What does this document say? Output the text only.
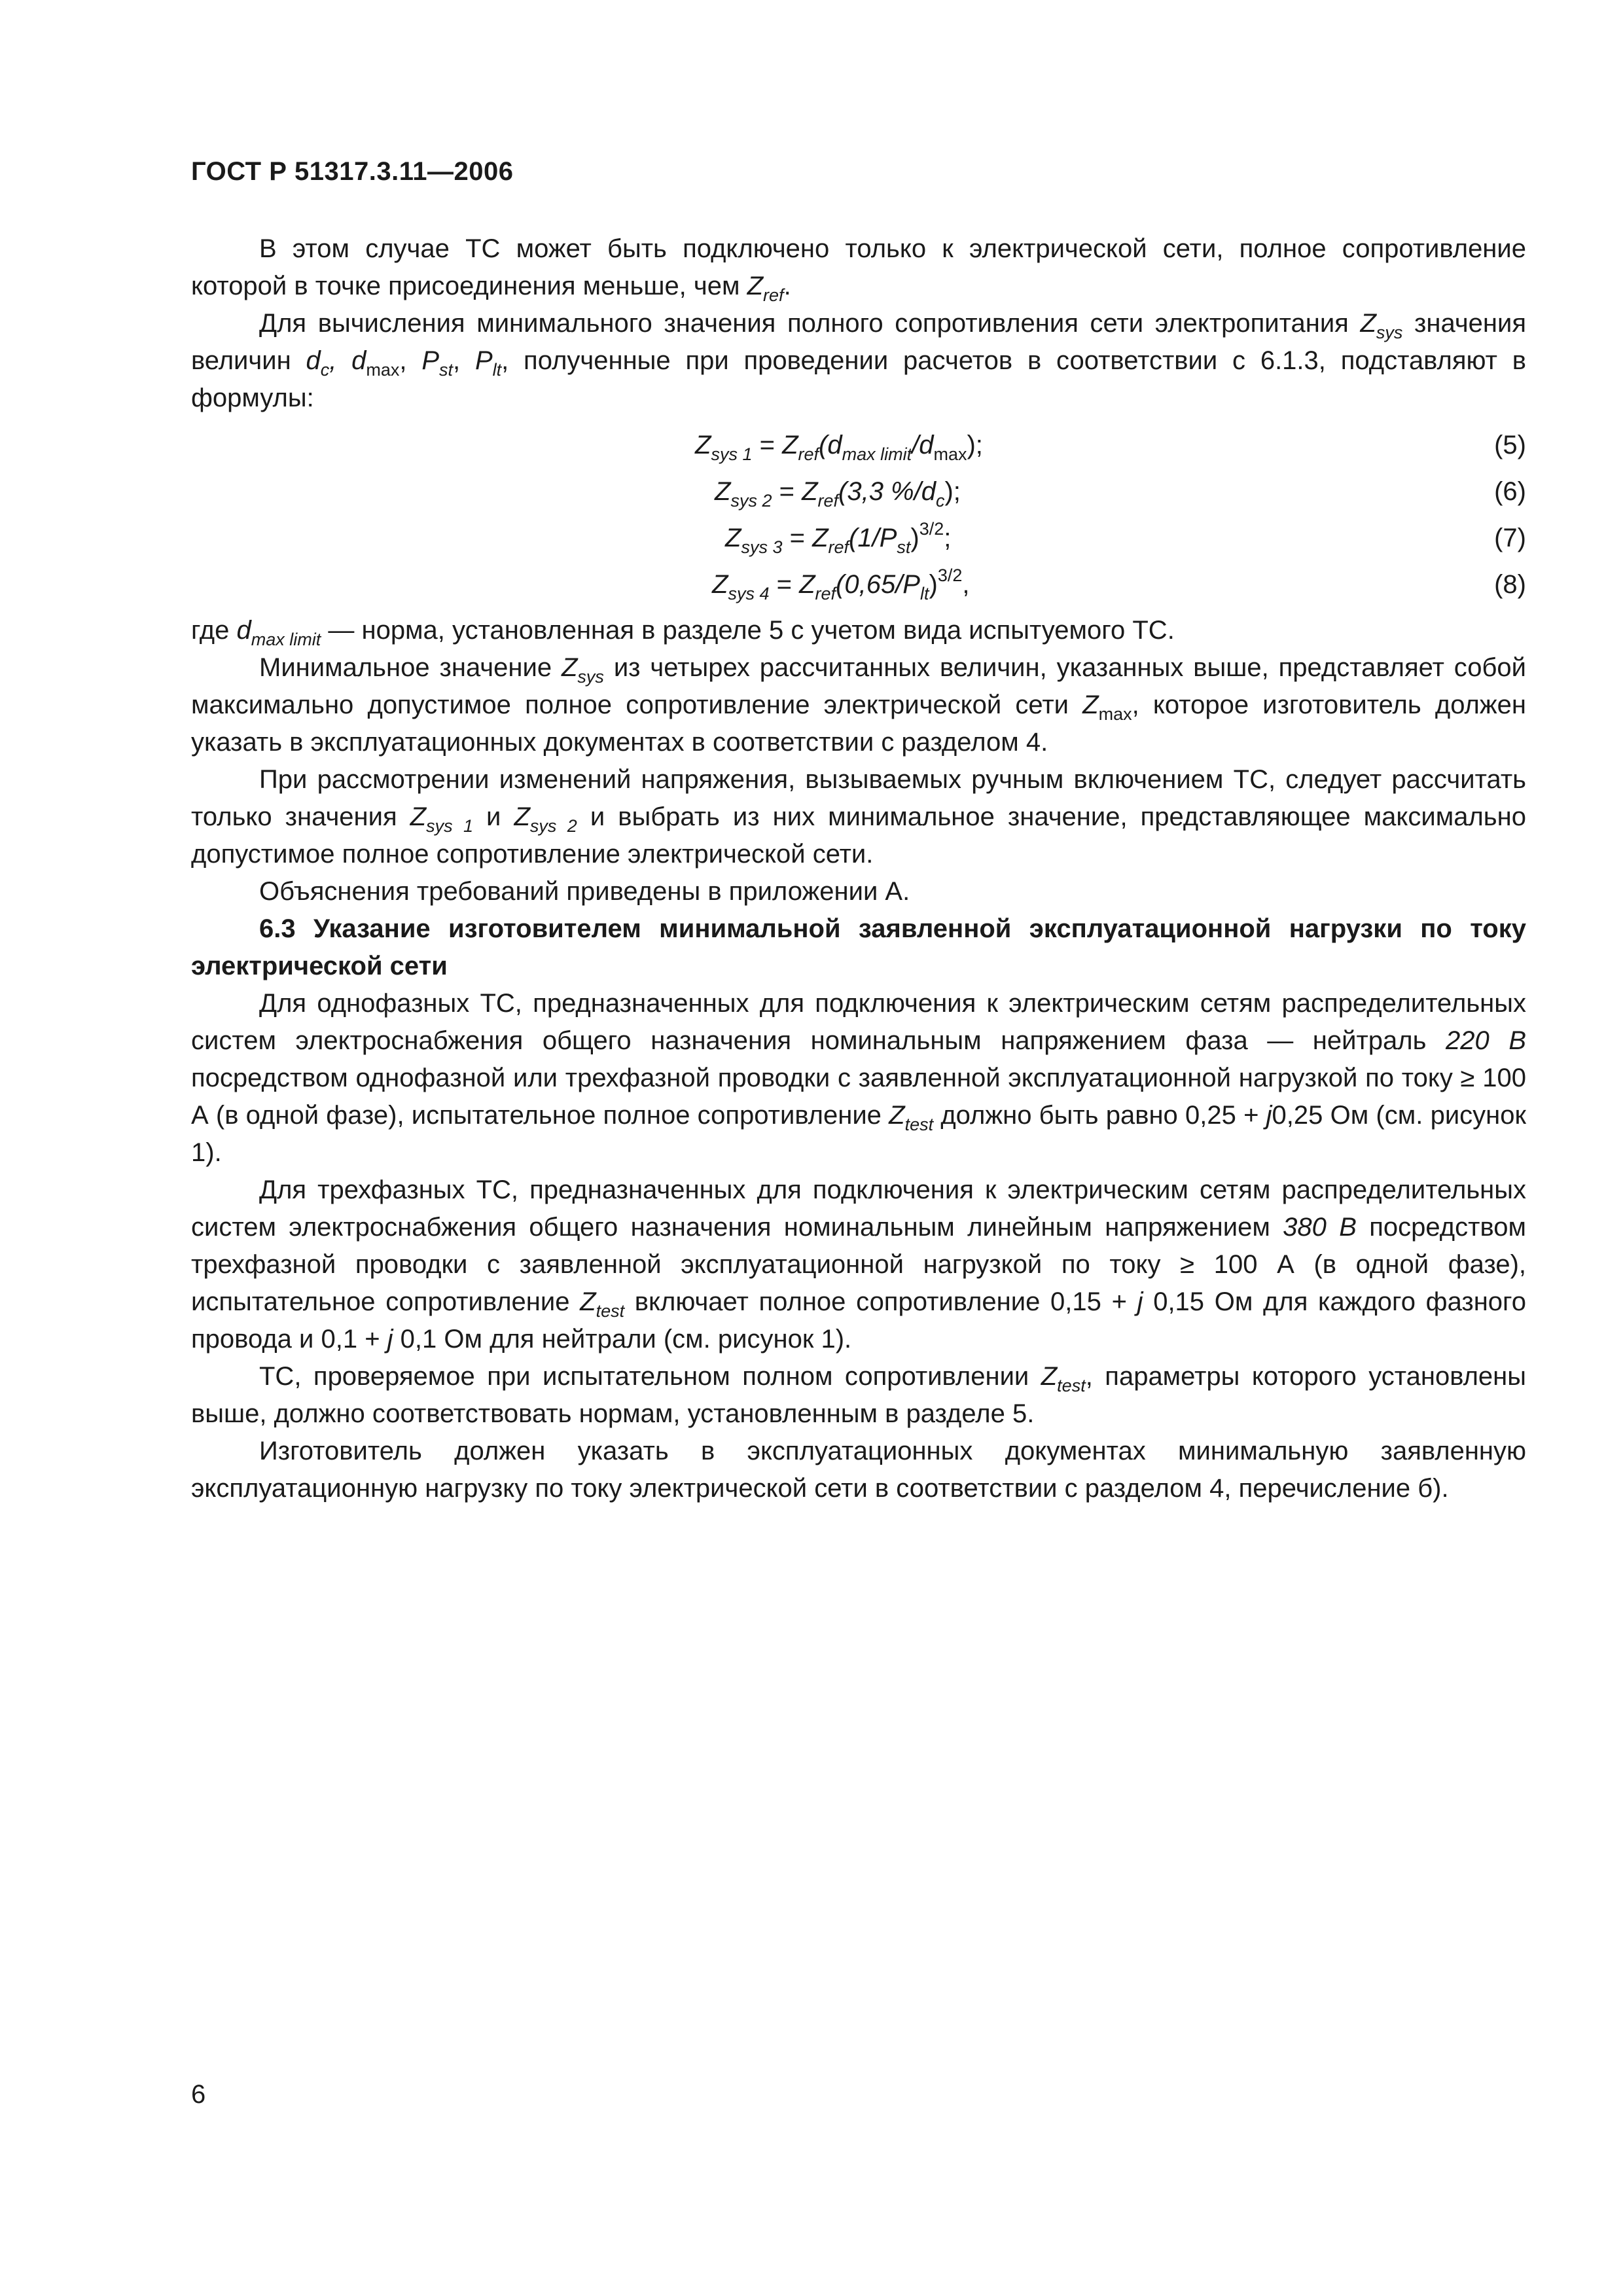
ГОСТ Р 51317.3.11—2006

В этом случае ТС может быть подключено только к электрической сети, полное сопротивление которой в точке присоединения меньше, чем $Z_{ref}$.

Для вычисления минимального значения полного сопротивления сети электропитания $Z_{sys}$ значения величин $d_c$, $d_{max}$, $P_{st}$, $P_{lt}$, полученные при проведении расчетов в соответствии с 6.1.3, подставляют в формулы:

$Z_{sys 1} = Z_{ref}(d_{max limit}/d_{max})$;	(5)
$Z_{sys 2} = Z_{ref}(3,3$ $\%/d_c$);	(6)
$Z_{sys 3} = Z_{ref}(1/P_{st})^{3/2}$;	(7)
$Z_{sys 4} = Z_{ref}(0,65/P_{lt})^{3/2}$,	(8)

где $d_{max limit}$ — норма, установленная в разделе 5 с учетом вида испытуемого ТС.

Минимальное значение $Z_{sys}$ из четырех рассчитанных величин, указанных выше, представляет собой максимально допустимое полное сопротивление электрической сети $Z_{max}$, которое изготовитель должен указать в эксплуатационных документах в соответствии с разделом 4.

При рассмотрении изменений напряжения, вызываемых ручным включением ТС, следует рассчитать только значения $Z_{sys 1}$ и $Z_{sys 2}$ и выбрать из них минимальное значение, представляющее максимально допустимое полное сопротивление электрической сети.

Объяснения требований приведены в приложении А.

6.3 Указание изготовителем минимальной заявленной эксплуатационной нагрузки по току электрической сети

Для однофазных ТС, предназначенных для подключения к электрическим сетям распределительных систем электроснабжения общего назначения номинальным напряжением фаза — нейтраль 220 В посредством однофазной или трехфазной проводки с заявленной эксплуатационной нагрузкой по току ≥ 100 А (в одной фазе), испытательное полное сопротивление $Z_{test}$ должно быть равно 0,25 + j0,25 Ом (см. рисунок 1).

Для трехфазных ТС, предназначенных для подключения к электрическим сетям распределительных систем электроснабжения общего назначения номинальным линейным напряжением 380 В посредством трехфазной проводки с заявленной эксплуатационной нагрузкой по току ≥ 100 А (в одной фазе), испытательное сопротивление $Z_{test}$ включает полное сопротивление 0,15 + j 0,15 Ом для каждого фазного провода и 0,1 + j 0,1 Ом для нейтрали (см. рисунок 1).

ТС, проверяемое при испытательном полном сопротивлении $Z_{test}$, параметры которого установлены выше, должно соответствовать нормам, установленным в разделе 5.

Изготовитель должен указать в эксплуатационных документах минимальную заявленную эксплуатационную нагрузку по току электрической сети в соответствии с разделом 4, перечисление б).

6
